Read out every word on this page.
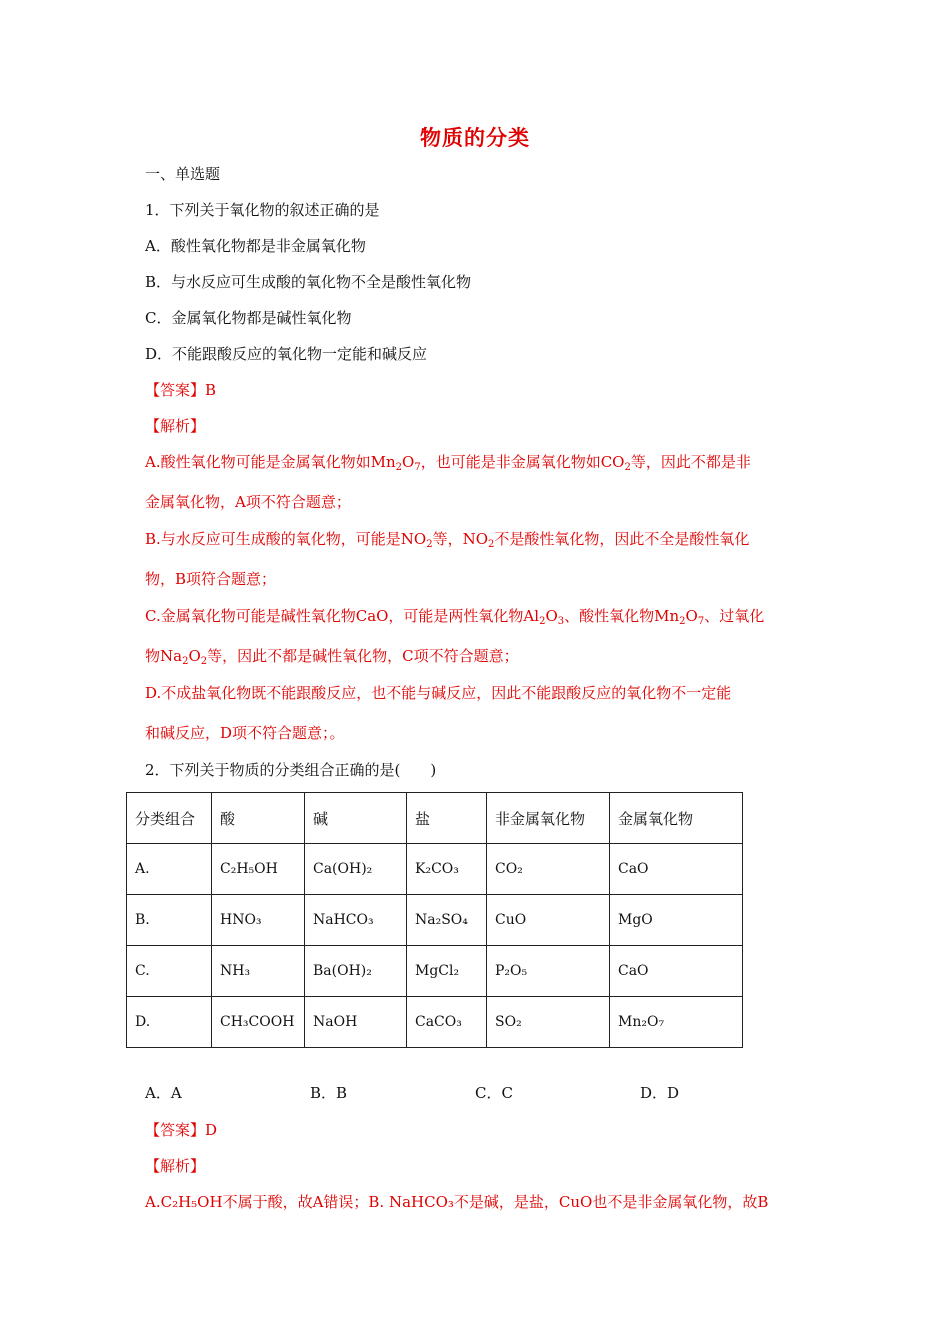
物质的分类
一、单选题
1．下列关于氧化物的叙述正确的是
A．酸性氧化物都是非金属氧化物
B．与水反应可生成酸的氧化物不全是酸性氧化物
C．金属氧化物都是碱性氧化物
D．不能跟酸反应的氧化物一定能和碱反应
【答案】B
【解析】
A.酸性氧化物可能是金属氧化物如$Mn_2O_7$，也可能是非金属氧化物如$CO_2$等，因此不都是非
金属氧化物，A项不符合题意；
B.与水反应可生成酸的氧化物，可能是$NO_2$等，$NO_2$不是酸性氧化物，因此不全是酸性氧化
物，B项符合题意；
C.金属氧化物可能是碱性氧化物CaO，可能是两性氧化物$Al_2O_3$、酸性氧化物$Mn_2O_7$、过氧化
物$Na_2O_2$等，因此不都是碱性氧化物，C项不符合题意；
D.不成盐氧化物既不能跟酸反应，也不能与碱反应，因此不能跟酸反应的氧化物不一定能
和碱反应，D项不符合题意；。
2．下列关于物质的分类组合正确的是(　　)
分类组合	酸	碱	盐	非金属氧化物	金属氧化物
A.	C₂H₅OH	Ca(OH)₂	K₂CO₃	CO₂	CaO
B.	HNO₃	NaHCO₃	Na₂SO₄	CuO	MgO
C.	NH₃	Ba(OH)₂	MgCl₂	P₂O₅	CaO
D.	CH₃COOH	NaOH	CaCO₃	SO₂	Mn₂O₇
A．A	B．B	C．C	D．D
【答案】D
【解析】
A.C₂H₅OH不属于酸，故A错误；B. NaHCO₃不是碱，是盐，CuO也不是非金属氧化物，故B
